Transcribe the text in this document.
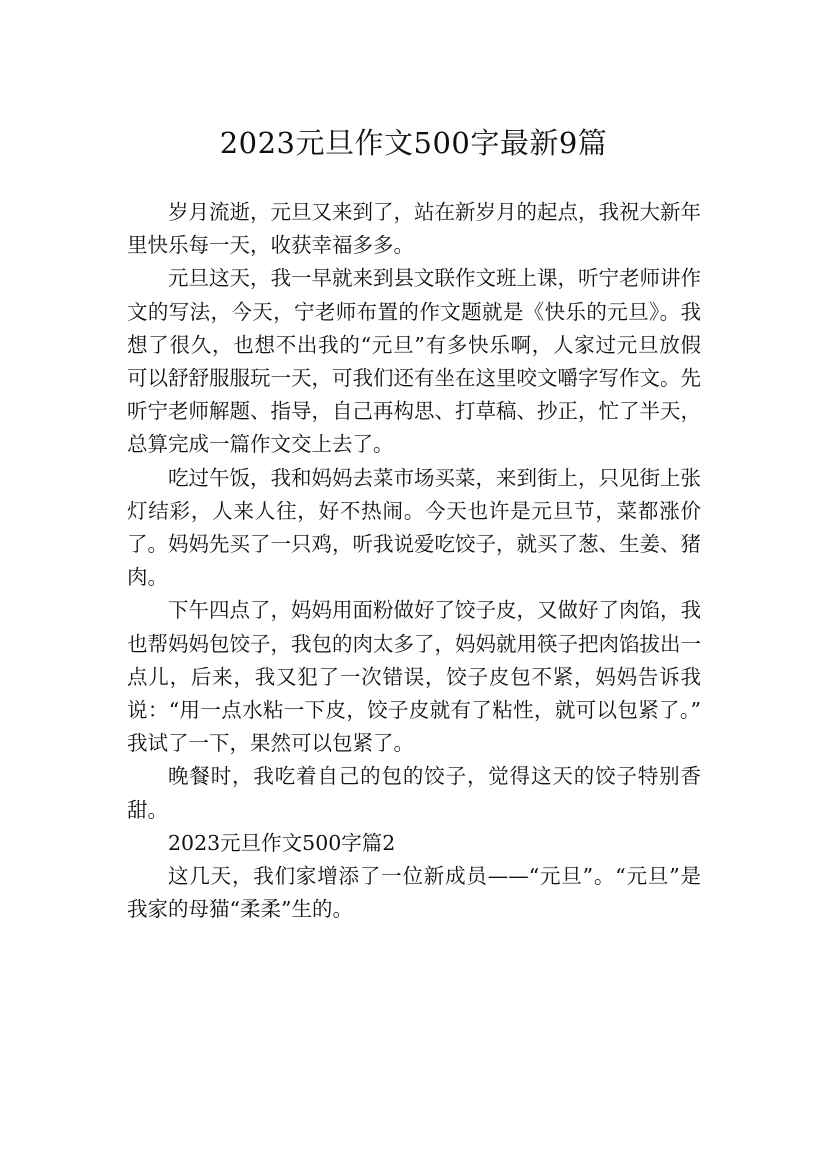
2023元旦作文500字最新9篇

岁月流逝，元旦又来到了，站在新岁月的起点，我祝大新年里快乐每一天，收获幸福多多。

元旦这天，我一早就来到县文联作文班上课，听宁老师讲作文的写法，今天，宁老师布置的作文题就是《快乐的元旦》。我想了很久，也想不出我的“元旦”有多快乐啊，人家过元旦放假可以舒舒服服玩一天，可我们还有坐在这里咬文嚼字写作文。先听宁老师解题、指导，自己再构思、打草稿、抄正，忙了半天，总算完成一篇作文交上去了。

吃过午饭，我和妈妈去菜市场买菜，来到街上，只见街上张灯结彩，人来人往，好不热闹。今天也许是元旦节，菜都涨价了。妈妈先买了一只鸡，听我说爱吃饺子，就买了葱、生姜、猪肉。

下午四点了，妈妈用面粉做好了饺子皮，又做好了肉馅，我也帮妈妈包饺子，我包的肉太多了，妈妈就用筷子把肉馅拔出一点儿，后来，我又犯了一次错误，饺子皮包不紧，妈妈告诉我说：“用一点水粘一下皮，饺子皮就有了粘性，就可以包紧了。” 我试了一下，果然可以包紧了。

晚餐时，我吃着自己的包的饺子，觉得这天的饺子特别香甜。

2023元旦作文500字篇2

这几天，我们家增添了一位新成员——“元旦”。“元旦”是我家的母猫“柔柔”生的。
